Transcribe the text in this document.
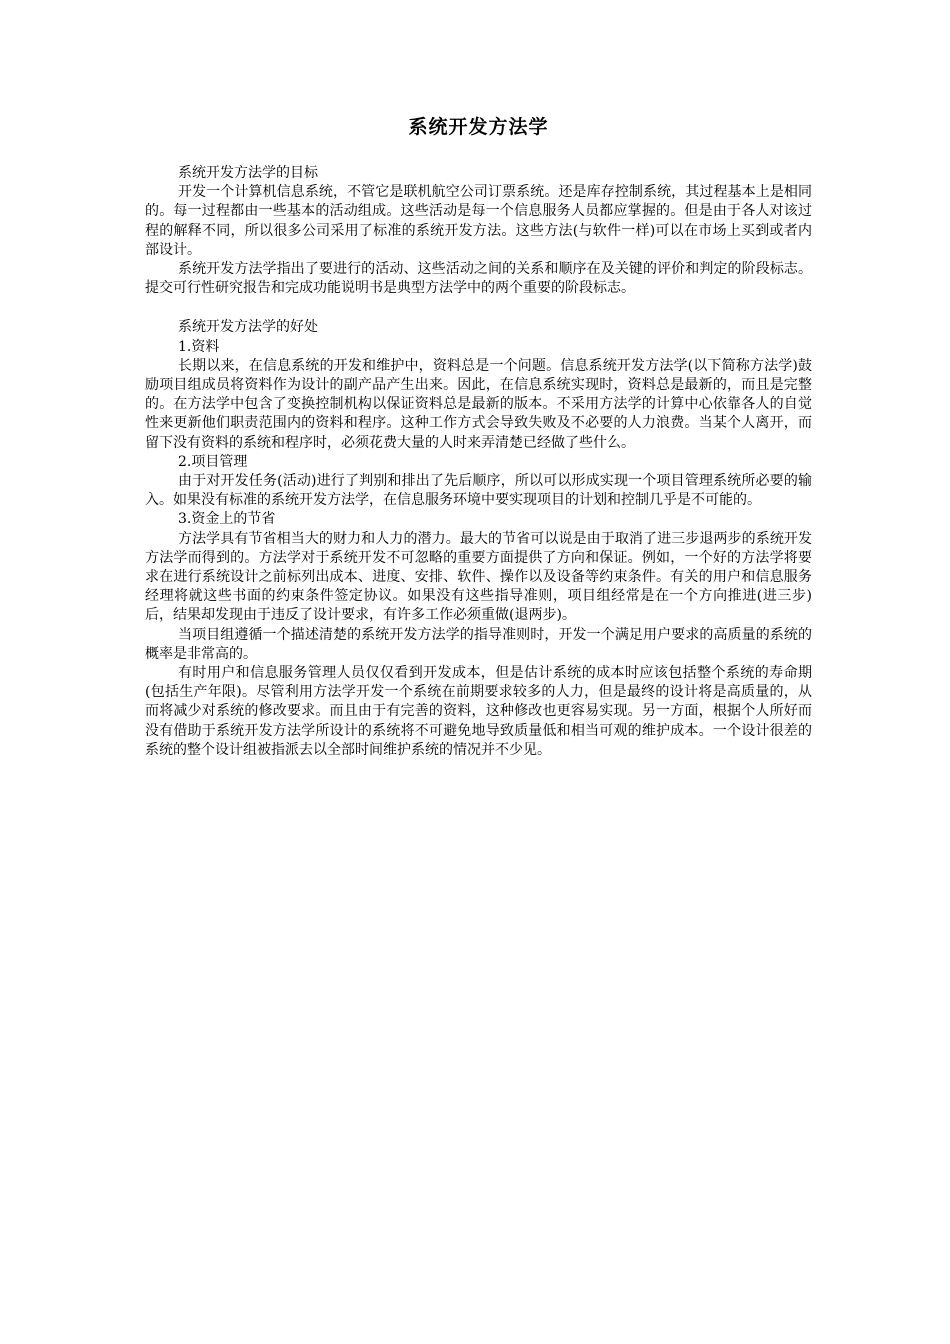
系统开发方法学

系统开发方法学的目标

开发一个计算机信息系统，不管它是联机航空公司订票系统。还是库存控制系统，其过程基本上是相同的。每一过程都由一些基本的活动组成。这些活动是每一个信息服务人员都应掌握的。但是由于各人对该过程的解释不同，所以很多公司采用了标准的系统开发方法。这些方法(与软件一样)可以在市场上买到或者内部设计。

系统开发方法学指出了要进行的活动、这些活动之间的关系和顺序在及关键的评价和判定的阶段标志。提交可行性研究报告和完成功能说明书是典型方法学中的两个重要的阶段标志。

系统开发方法学的好处

1.资料

长期以来，在信息系统的开发和维护中，资料总是一个问题。信息系统开发方法学(以下简称方法学)鼓励项目组成员将资料作为设计的副产品产生出来。因此，在信息系统实现时，资料总是最新的，而且是完整的。在方法学中包含了变换控制机构以保证资料总是最新的版本。不采用方法学的计算中心依靠各人的自觉性来更新他们职责范围内的资料和程序。这种工作方式会导致失败及不必要的人力浪费。当某个人离开，而留下没有资料的系统和程序时，必须花费大量的人时来弄清楚已经做了些什么。

2.项目管理

由于对开发任务(活动)进行了判别和排出了先后顺序，所以可以形成实现一个项目管理系统所必要的输入。如果没有标准的系统开发方法学，在信息服务环境中要实现项目的计划和控制几乎是不可能的。

3.资金上的节省

方法学具有节省相当大的财力和人力的潜力。最大的节省可以说是由于取消了进三步退两步的系统开发方法学而得到的。方法学对于系统开发不可忽略的重要方面提供了方向和保证。例如，一个好的方法学将要求在进行系统设计之前标列出成本、进度、安排、软件、操作以及设备等约束条件。有关的用户和信息服务经理将就这些书面的约束条件签定协议。如果没有这些指导准则，项目组经常是在一个方向推进(进三步)后，结果却发现由于违反了设计要求，有许多工作必须重做(退两步)。

当项目组遵循一个描述清楚的系统开发方法学的指导准则时，开发一个满足用户要求的高质量的系统的概率是非常高的。

有时用户和信息服务管理人员仅仅看到开发成本，但是估计系统的成本时应该包括整个系统的寿命期(包括生产年限)。尽管利用方法学开发一个系统在前期要求较多的人力，但是最终的设计将是高质量的，从而将减少对系统的修改要求。而且由于有完善的资料，这种修改也更容易实现。另一方面，根据个人所好而没有借助于系统开发方法学所设计的系统将不可避免地导致质量低和相当可观的维护成本。一个设计很差的系统的整个设计组被指派去以全部时间维护系统的情况并不少见。
